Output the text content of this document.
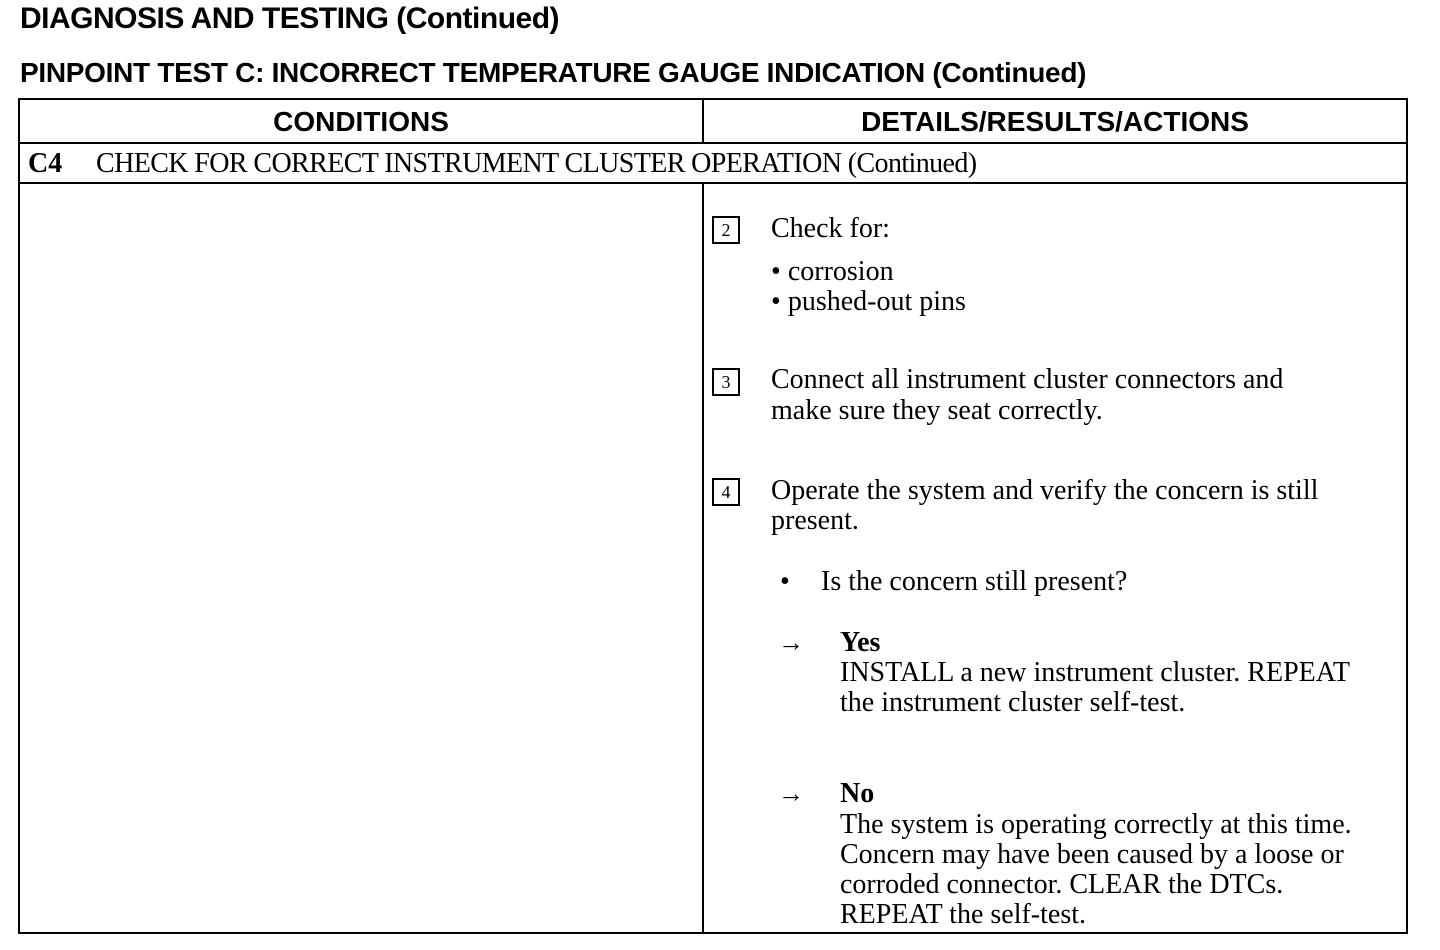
DIAGNOSIS AND TESTING (Continued)
PINPOINT TEST C: INCORRECT TEMPERATURE GAUGE INDICATION (Continued)
CONDITIONS	DETAILS/RESULTS/ACTIONS
C4 CHECK FOR CORRECT INSTRUMENT CLUSTER OPERATION (Continued)
2	Check for:
• corrosion
• pushed-out pins
3	Connect all instrument cluster connectors and
make sure they seat correctly.
4	Operate the system and verify the concern is still
present.
• Is the concern still present?
→ Yes
INSTALL a new instrument cluster. REPEAT
the instrument cluster self-test.
→ No
The system is operating correctly at this time.
Concern may have been caused by a loose or
corroded connector. CLEAR the DTCs.
REPEAT the self-test.
